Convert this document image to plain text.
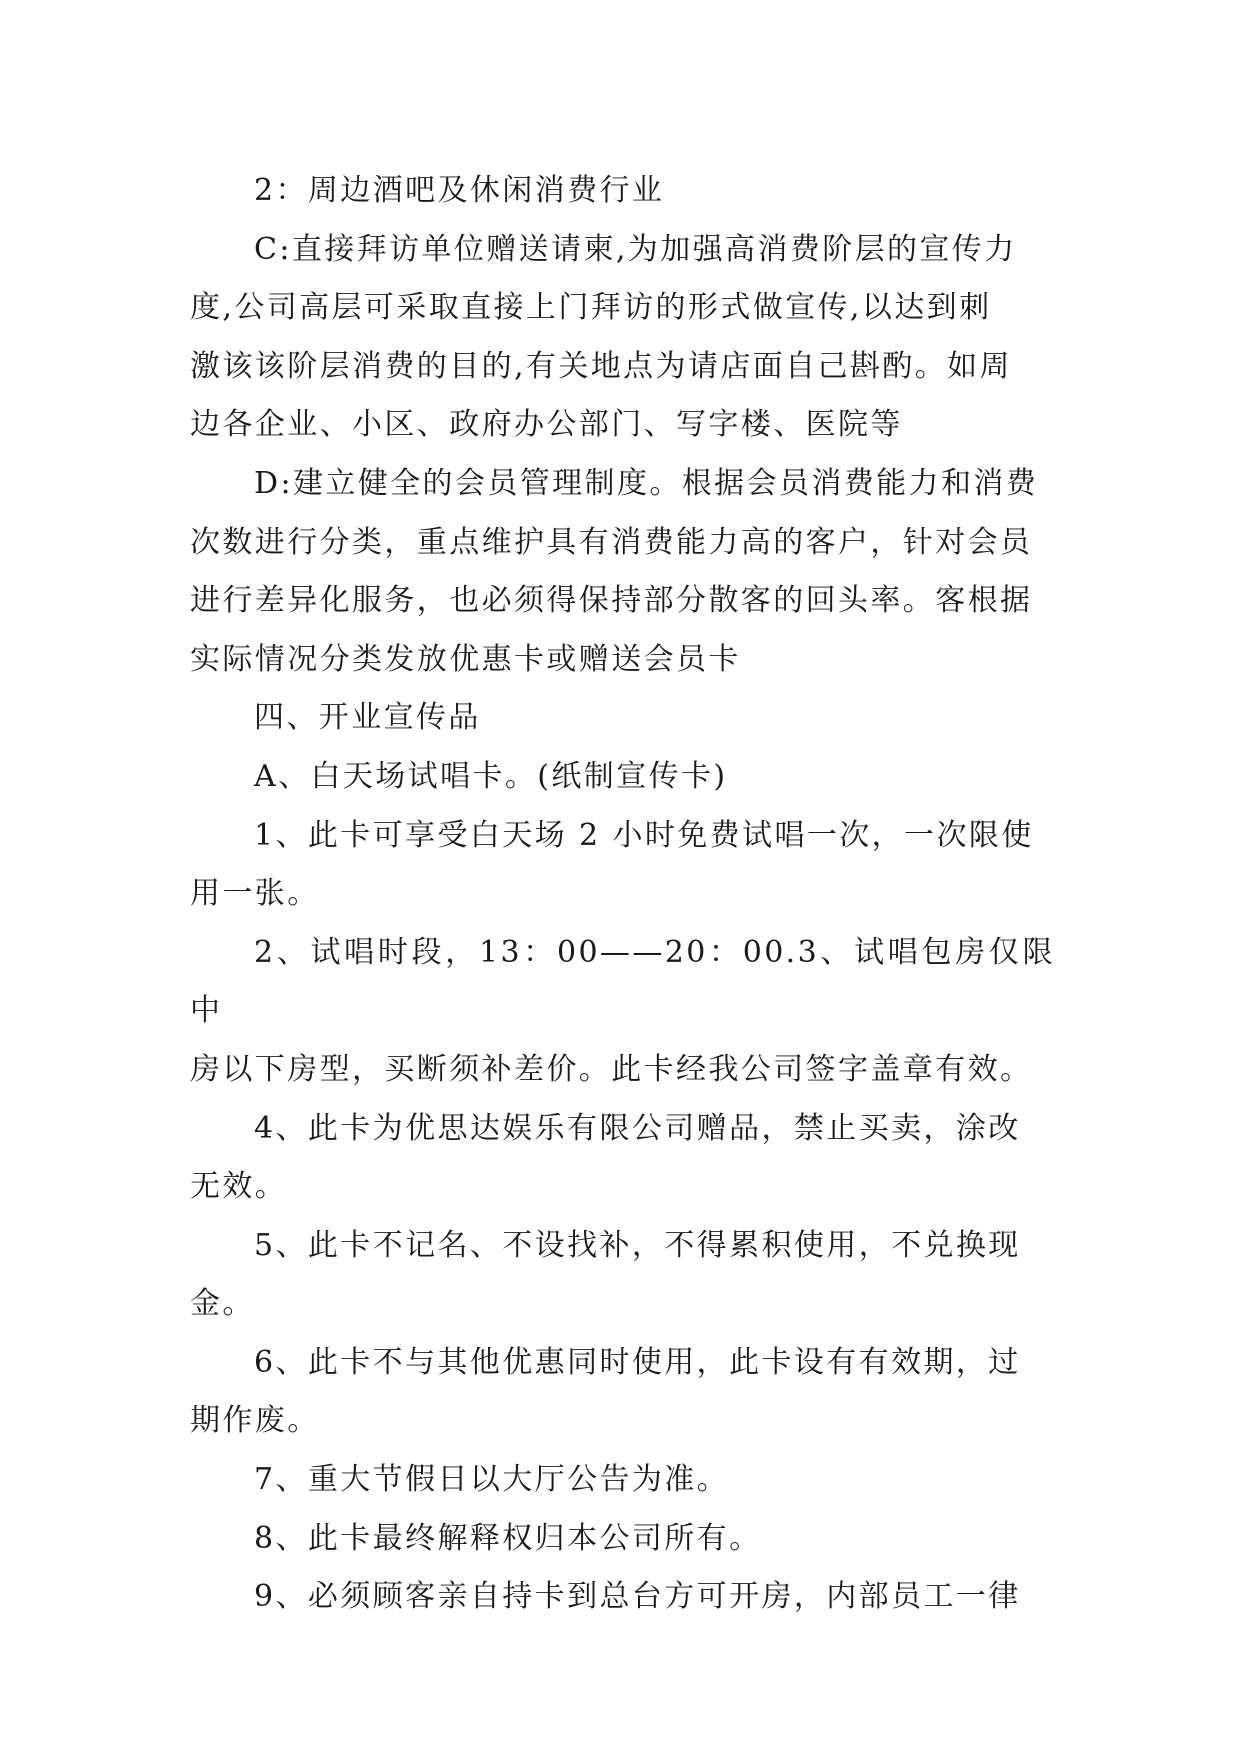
2：周边酒吧及休闲消费行业

C:直接拜访单位赠送请柬,为加强高消费阶层的宣传力
度,公司高层可采取直接上门拜访的形式做宣传,以达到刺
激该该阶层消费的目的,有关地点为请店面自己斟酌。如周
边各企业、小区、政府办公部门、写字楼、医院等

D:建立健全的会员管理制度。根据会员消费能力和消费
次数进行分类，重点维护具有消费能力高的客户，针对会员
进行差异化服务，也必须得保持部分散客的回头率。客根据
实际情况分类发放优惠卡或赠送会员卡

四、开业宣传品

A、白天场试唱卡。(纸制宣传卡)

1、此卡可享受白天场 2 小时免费试唱一次，一次限使
用一张。

2、试唱时段，13：00——20：00.3、试唱包房仅限中
房以下房型，买断须补差价。此卡经我公司签字盖章有效。

4、此卡为优思达娱乐有限公司赠品，禁止买卖，涂改
无效。

5、此卡不记名、不设找补，不得累积使用，不兑换现
金。

6、此卡不与其他优惠同时使用，此卡设有有效期，过
期作废。

7、重大节假日以大厅公告为准。

8、此卡最终解释权归本公司所有。

9、必须顾客亲自持卡到总台方可开房，内部员工一律
